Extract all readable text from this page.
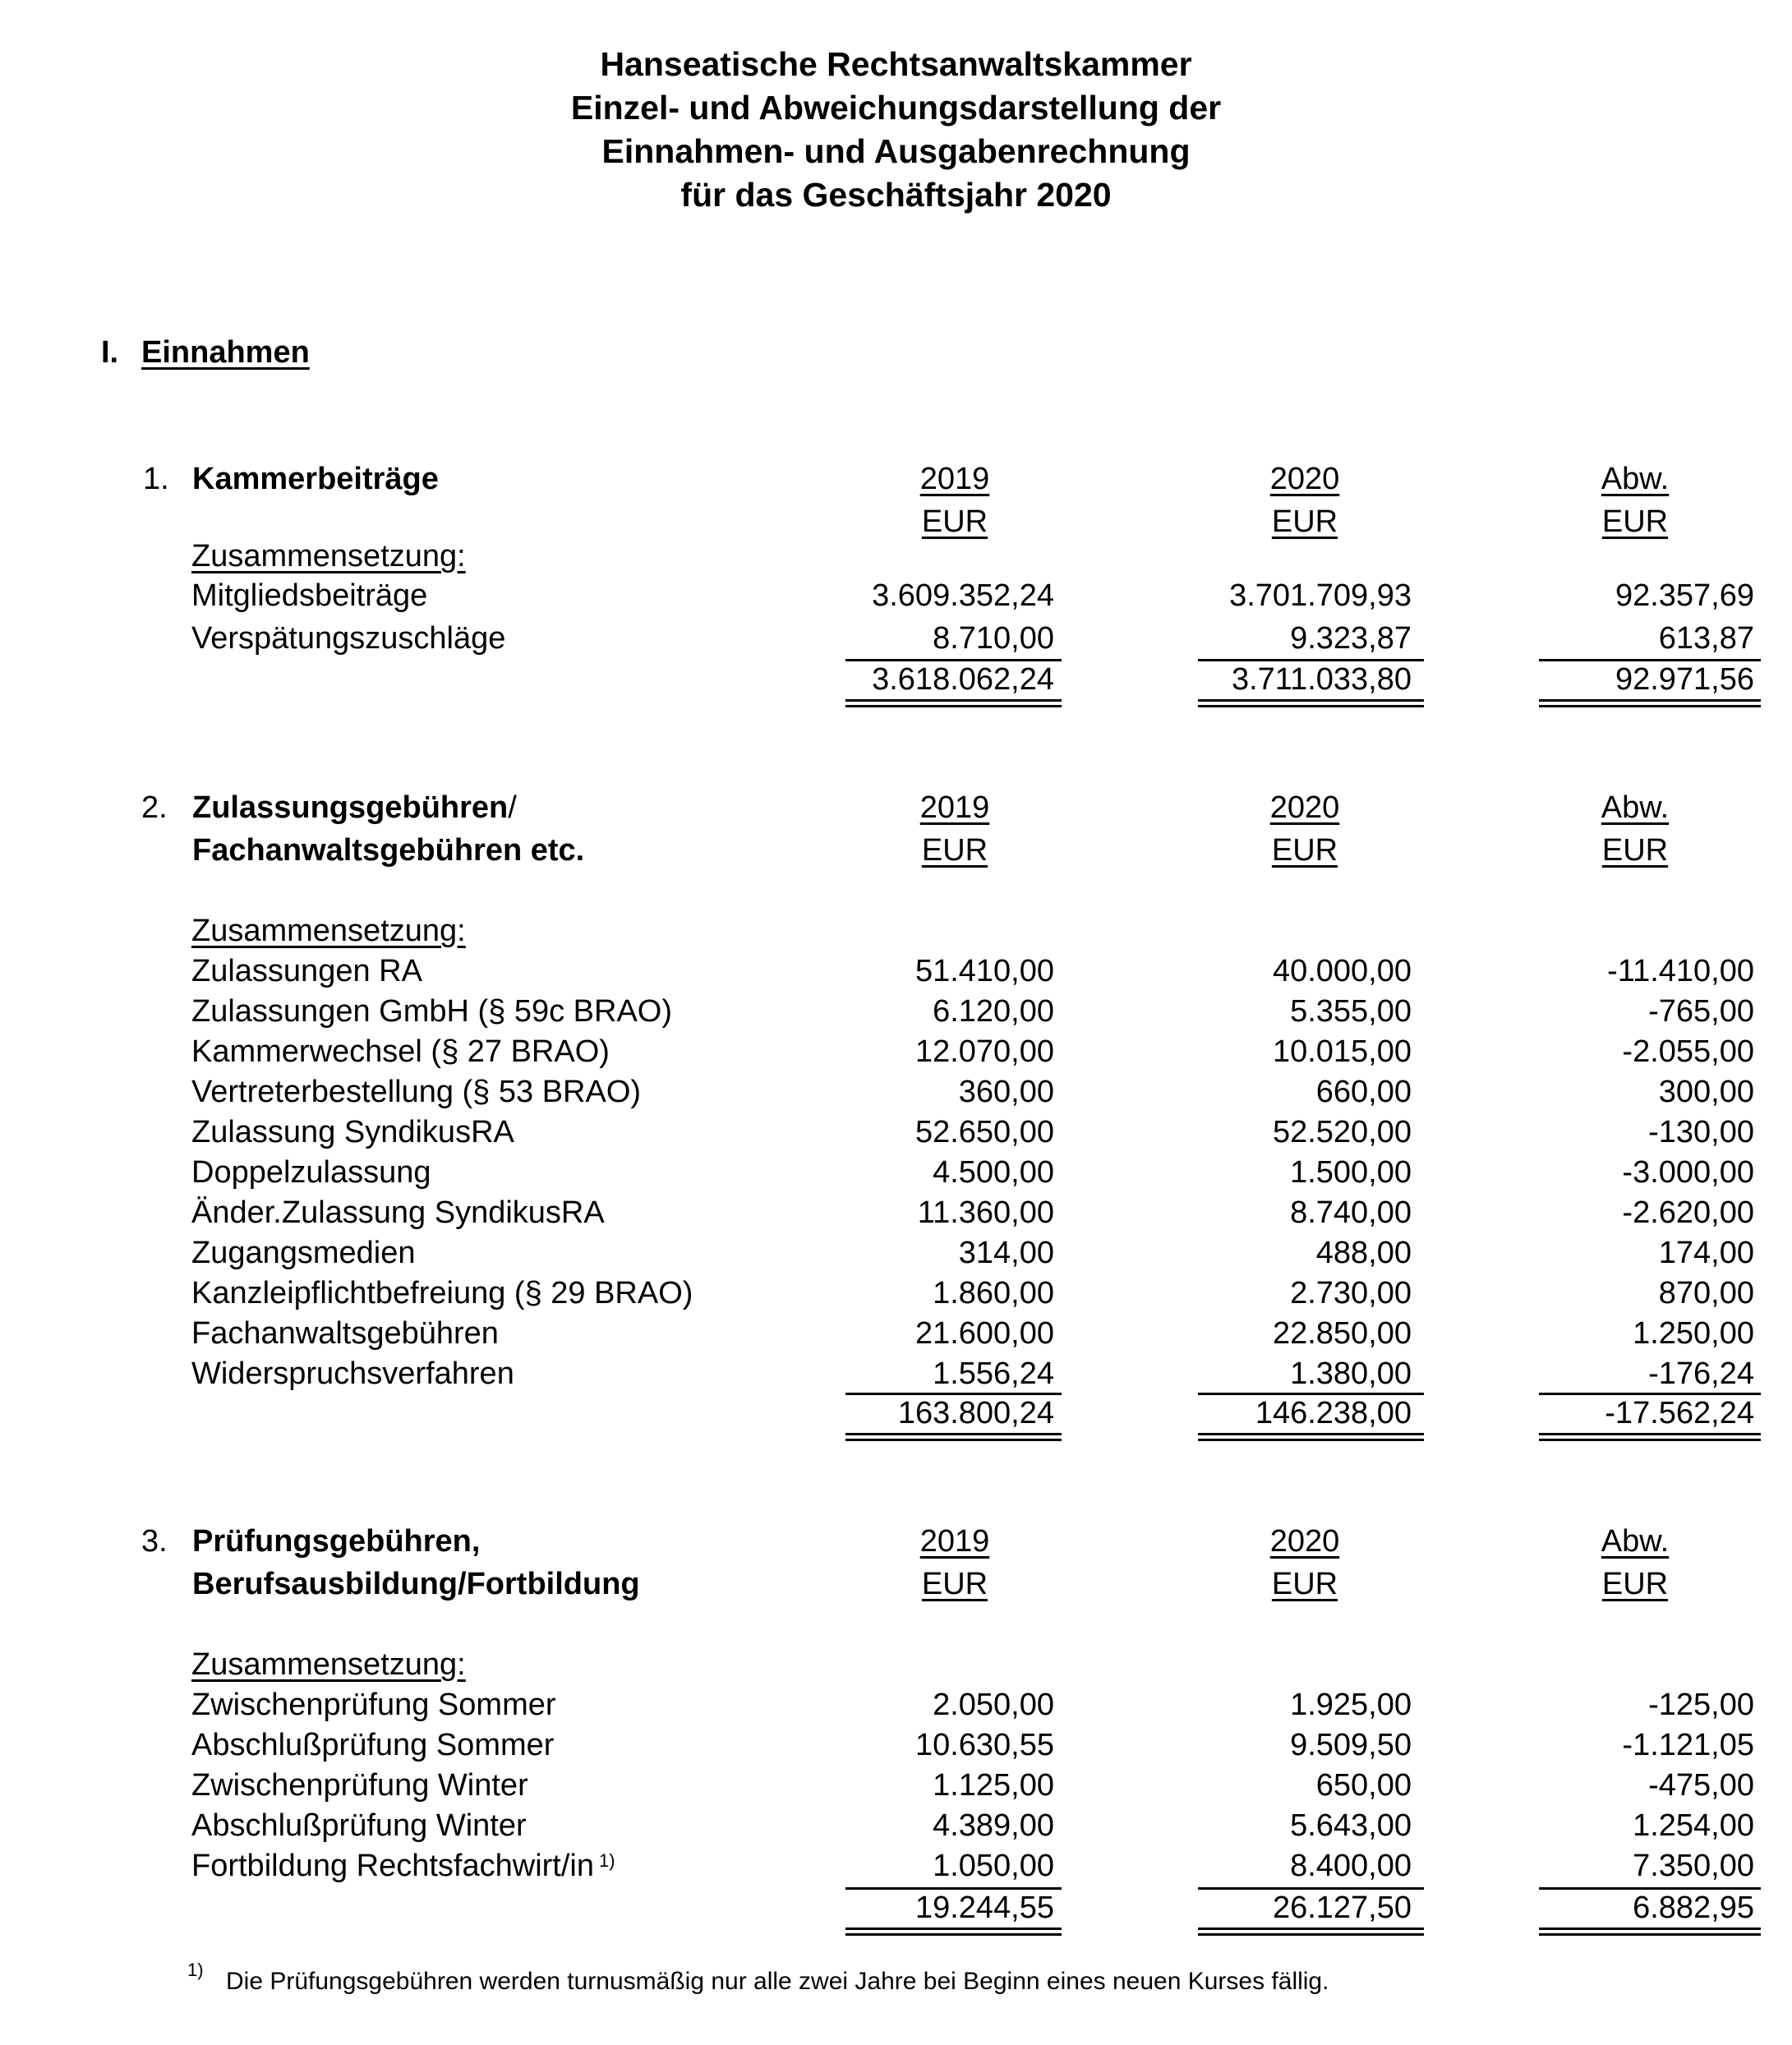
Hanseatische Rechtsanwaltskammer
Einzel- und Abweichungsdarstellung der
Einnahmen- und Ausgabenrechnung
für das Geschäftsjahr 2020
I. Einnahmen
1. Kammerbeiträge	2019	2020	Abw.
EUR	EUR	EUR
Zusammensetzung:
Mitgliedsbeiträge	3.609.352,24	3.701.709,93	92.357,69
Verspätungszuschläge	8.710,00	9.323,87	613,87
3.618.062,24	3.711.033,80	92.971,56
2. Zulassungsgebühren/
Fachanwaltsgebühren etc.
2019	2020	Abw.
EUR	EUR	EUR
Zusammensetzung:
Zulassungen RA	51.410,00	40.000,00	-11.410,00
Zulassungen GmbH (§ 59c BRAO)	6.120,00	5.355,00	-765,00
Kammerwechsel (§ 27 BRAO)	12.070,00	10.015,00	-2.055,00
Vertreterbestellung (§ 53 BRAO)	360,00	660,00	300,00
Zulassung SyndikusRA	52.650,00	52.520,00	-130,00
Doppelzulassung	4.500,00	1.500,00	-3.000,00
Änder.Zulassung SyndikusRA	11.360,00	8.740,00	-2.620,00
Zugangsmedien	314,00	488,00	174,00
Kanzleipflichtbefreiung (§ 29 BRAO)	1.860,00	2.730,00	870,00
Fachanwaltsgebühren	21.600,00	22.850,00	1.250,00
Widerspruchsverfahren	1.556,24	1.380,00	-176,24
163.800,24	146.238,00	-17.562,24
3. Prüfungsgebühren,
Berufsausbildung/Fortbildung
2019	2020	Abw.
EUR	EUR	EUR
Zusammensetzung:
Zwischenprüfung Sommer	2.050,00	1.925,00	-125,00
Abschlußprüfung Sommer	10.630,55	9.509,50	-1.121,05
Zwischenprüfung Winter	1.125,00	650,00	-475,00
Abschlußprüfung Winter	4.389,00	5.643,00	1.254,00
Fortbildung Rechtsfachwirt/in $^{1)}$	1.050,00	8.400,00	7.350,00
19.244,55	26.127,50	6.882,95
1) Die Prüfungsgebühren werden turnusmäßig nur alle zwei Jahre bei Beginn eines neuen Kurses fällig.
